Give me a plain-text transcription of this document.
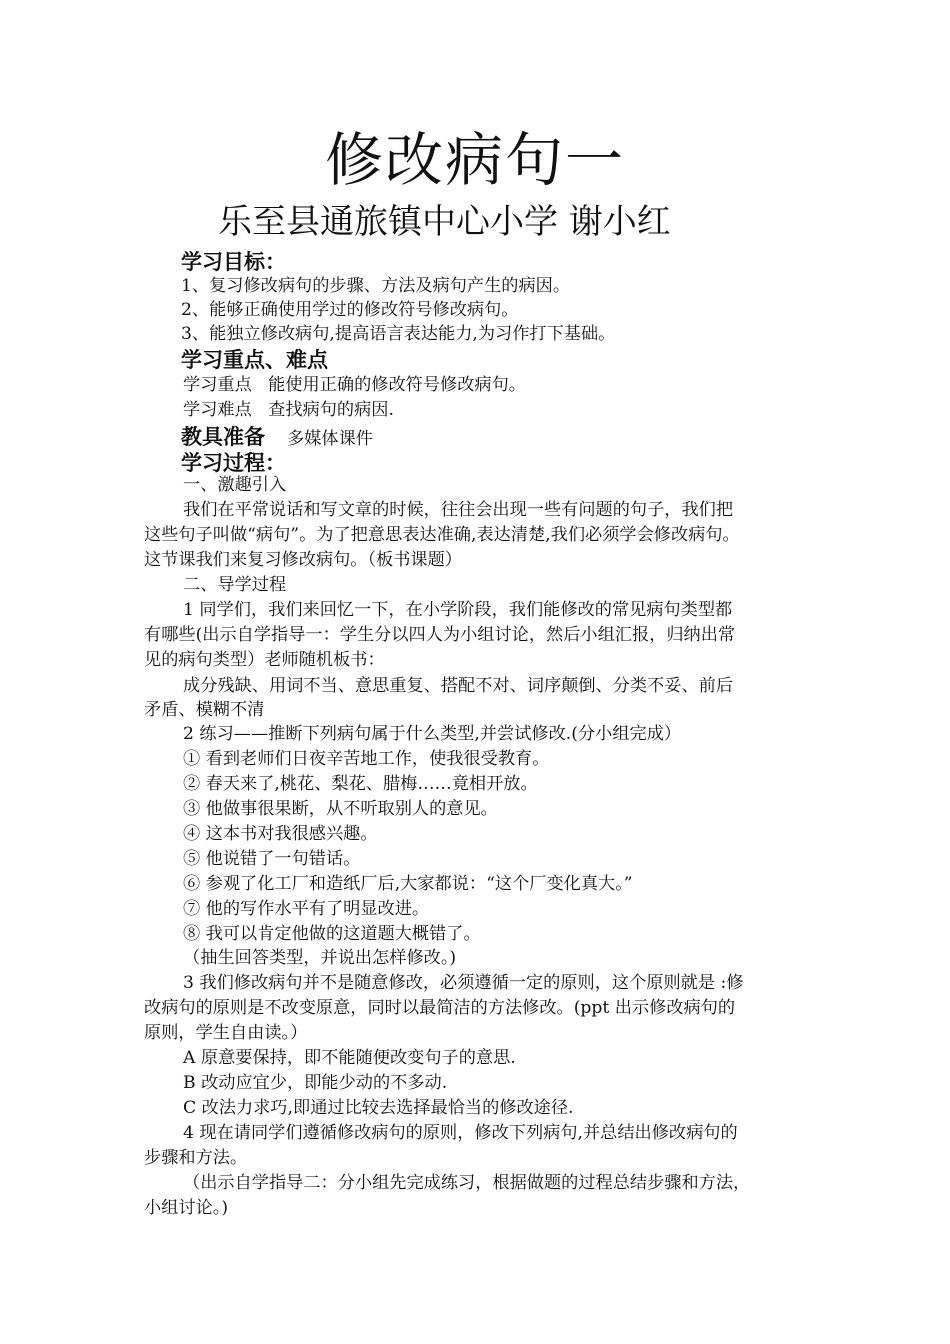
修改病句一
乐至县通旅镇中心小学 谢小红
学习目标：
1、复习修改病句的步骤、方法及病句产生的病因。
2、能够正确使用学过的修改符号修改病句。
3、能独立修改病句,提高语言表达能力,为习作打下基础。
学习重点、难点
学习重点   能使用正确的修改符号修改病句。
学习难点   查找病句的病因.
教具准备 多媒体课件
学习过程：
一、激趣引入
我们在平常说话和写文章的时候，往往会出现一些有问题的句子，我们把
这些句子叫做“病句”。为了把意思表达准确,表达清楚,我们必须学会修改病句。
这节课我们来复习修改病句。（板书课题）
二、导学过程
1 同学们，我们来回忆一下，在小学阶段，我们能修改的常见病句类型都
有哪些(出示自学指导一：学生分以四人为小组讨论，然后小组汇报，归纳出常
见的病句类型）老师随机板书：
成分残缺、用词不当、意思重复、搭配不对、词序颠倒、分类不妥、前后
矛盾、模糊不清
2 练习——推断下列病句属于什么类型,并尝试修改.(分小组完成）
① 看到老师们日夜辛苦地工作，使我很受教育。
② 春天来了,桃花、梨花、腊梅……竟相开放。
③ 他做事很果断，从不听取别人的意见。
④ 这本书对我很感兴趣。
⑤ 他说错了一句错话。
⑥ 参观了化工厂和造纸厂后,大家都说：“这个厂变化真大。”
⑦ 他的写作水平有了明显改进。
⑧ 我可以肯定他做的这道题大概错了。
（抽生回答类型，并说出怎样修改。)
3 我们修改病句并不是随意修改，必须遵循一定的原则，这个原则就是 :修
改病句的原则是不改变原意，同时以最简洁的方法修改。(ppt 出示修改病句的
原则，学生自由读。）
A 原意要保持，即不能随便改变句子的意思.
B 改动应宜少，即能少动的不多动.
C 改法力求巧,即通过比较去选择最恰当的修改途径.
4 现在请同学们遵循修改病句的原则，修改下列病句,并总结出修改病句的
步骤和方法。
（出示自学指导二：分小组先完成练习，根据做题的过程总结步骤和方法，
小组讨论。)
